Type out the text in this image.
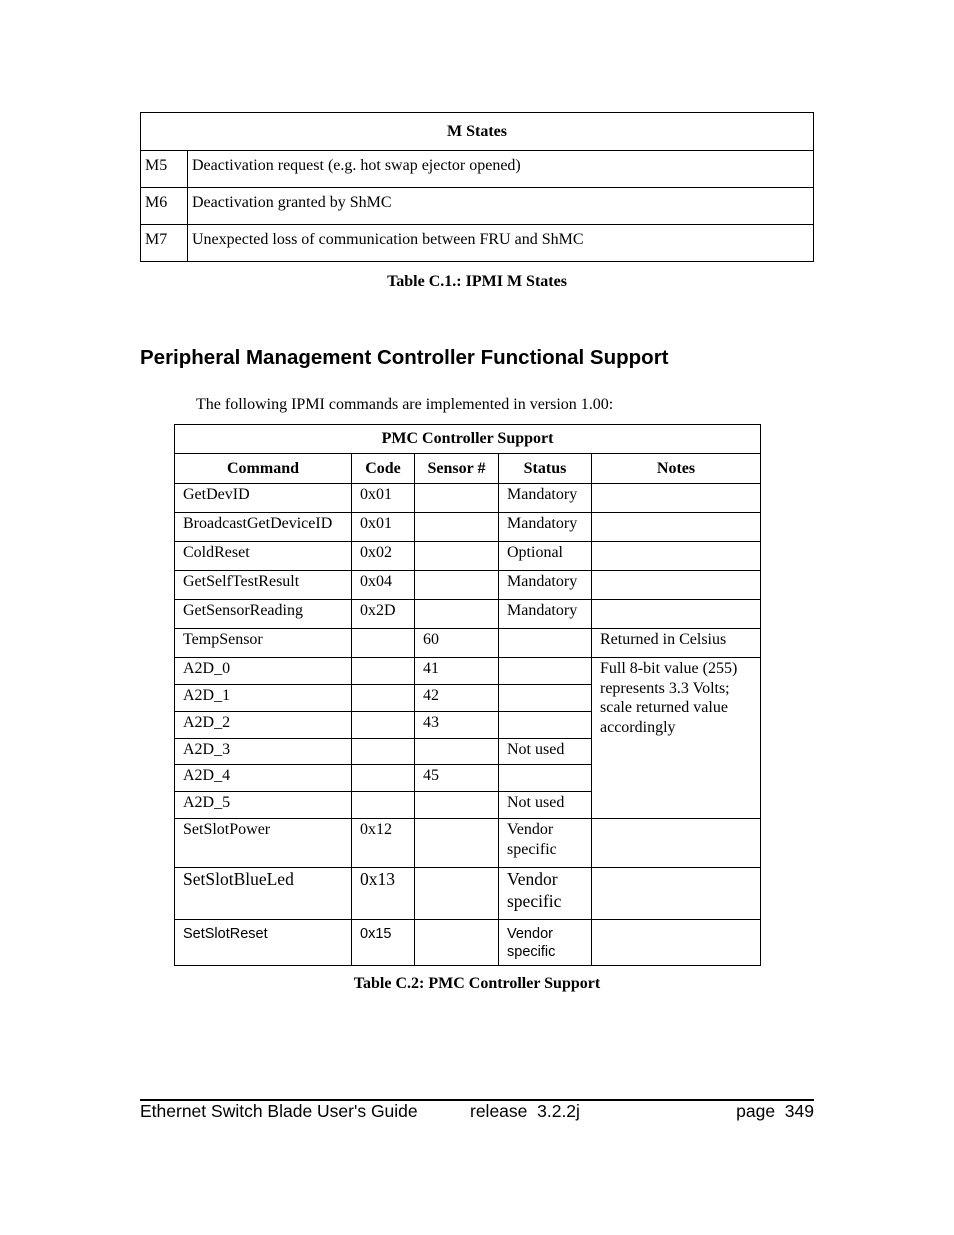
M States	
M5	Deactivation request (e.g. hot swap ejector opened)
M6	Deactivation granted by ShMC
M7	Unexpected loss of communication between FRU and ShMC

Table C.1.: IPMI M States

Peripheral Management Controller Functional Support

The following IPMI commands are implemented in version 1.00:

PMC Controller Support				
Command	Code	Sensor #	Status	Notes
GetDevID	0x01		Mandatory	
BroadcastGetDeviceID	0x01		Mandatory	
ColdReset	0x02		Optional	
GetSelfTestResult	0x04		Mandatory	
GetSensorReading	0x2D		Mandatory	
TempSensor		60		Returned in Celsius
A2D_0		41		Full 8-bit value (255) represents 3.3 Volts; scale returned value accordingly
A2D_1		42		
A2D_2		43		
A2D_3			Not used	
A2D_4		45		
A2D_5			Not used	
SetSlotPower	0x12		Vendor specific	
SetSlotBlueLed	0x13		Vendor specific	
SetSlotReset	0x15		Vendor specific	

Table C.2: PMC Controller Support

Ethernet Switch Blade User's Guide	release  3.2.2j	page  349
